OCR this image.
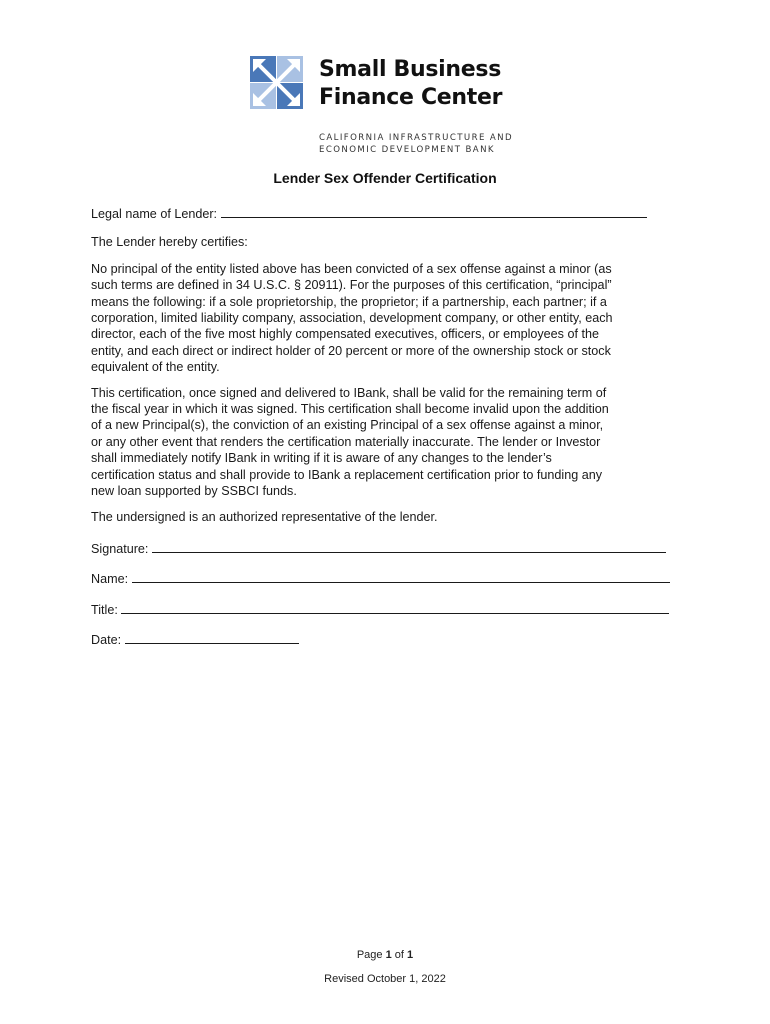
Small Business
Finance Center
CALIFORNIA INFRASTRUCTURE AND
ECONOMIC DEVELOPMENT BANK
Lender Sex Offender Certification
Legal name of Lender:
The Lender hereby certifies:
No principal of the entity listed above has been convicted of a sex offense against a minor (as
such terms are defined in 34 U.S.C. § 20911). For the purposes of this certification, “principal”
means the following: if a sole proprietorship, the proprietor; if a partnership, each partner; if a
corporation, limited liability company, association, development company, or other entity, each
director, each of the five most highly compensated executives, officers, or employees of the
entity, and each direct or indirect holder of 20 percent or more of the ownership stock or stock
equivalent of the entity.
This certification, once signed and delivered to IBank, shall be valid for the remaining term of
the fiscal year in which it was signed. This certification shall become invalid upon the addition
of a new Principal(s), the conviction of an existing Principal of a sex offense against a minor,
or any other event that renders the certification materially inaccurate. The lender or Investor
shall immediately notify IBank in writing if it is aware of any changes to the lender’s
certification status and shall provide to IBank a replacement certification prior to funding any
new loan supported by SSBCI funds.
The undersigned is an authorized representative of the lender.
Signature:
Name:
Title:
Date:
Page 1 of 1
Revised October 1, 2022
